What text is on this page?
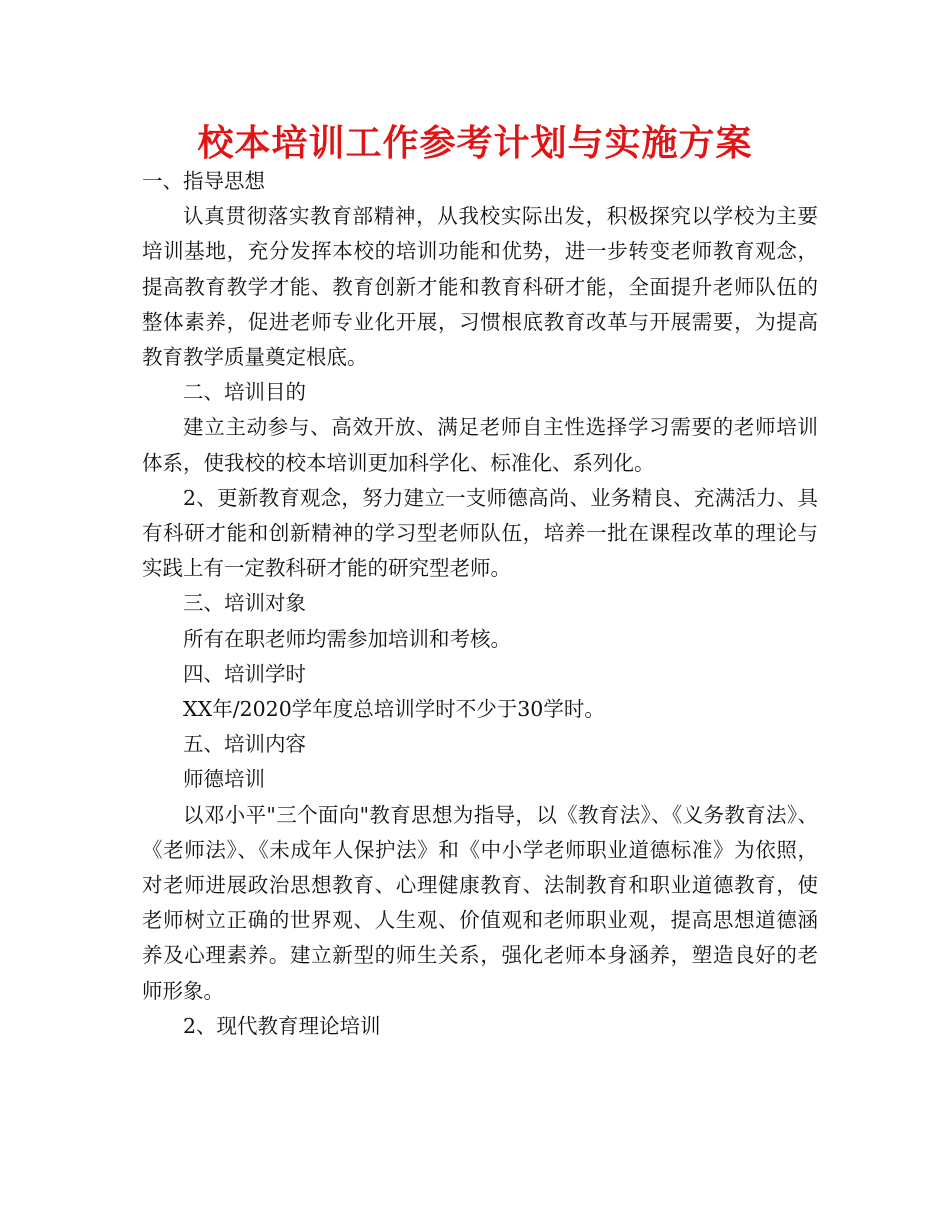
校本培训工作参考计划与实施方案

一、指导思想

认真贯彻落实教育部精神，从我校实际出发，积极探究以学校为主要培训基地，充分发挥本校的培训功能和优势，进一步转变老师教育观念，提高教育教学才能、教育创新才能和教育科研才能，全面提升老师队伍的整体素养，促进老师专业化开展，习惯根底教育改革与开展需要，为提高教育教学质量奠定根底。

二、培训目的

建立主动参与、高效开放、满足老师自主性选择学习需要的老师培训体系，使我校的校本培训更加科学化、标准化、系列化。

2、更新教育观念，努力建立一支师德高尚、业务精良、充满活力、具有科研才能和创新精神的学习型老师队伍，培养一批在课程改革的理论与实践上有一定教科研才能的研究型老师。

三、培训对象

所有在职老师均需参加培训和考核。

四、培训学时

XX年/2020学年度总培训学时不少于30学时。

五、培训内容

师德培训

以邓小平"三个面向"教育思想为指导，以《教育法》、《义务教育法》、《老师法》、《未成年人保护法》和《中小学老师职业道德标准》为依照，对老师进展政治思想教育、心理健康教育、法制教育和职业道德教育，使老师树立正确的世界观、人生观、价值观和老师职业观，提高思想道德涵养及心理素养。建立新型的师生关系，强化老师本身涵养，塑造良好的老师形象。

2、现代教育理论培训
